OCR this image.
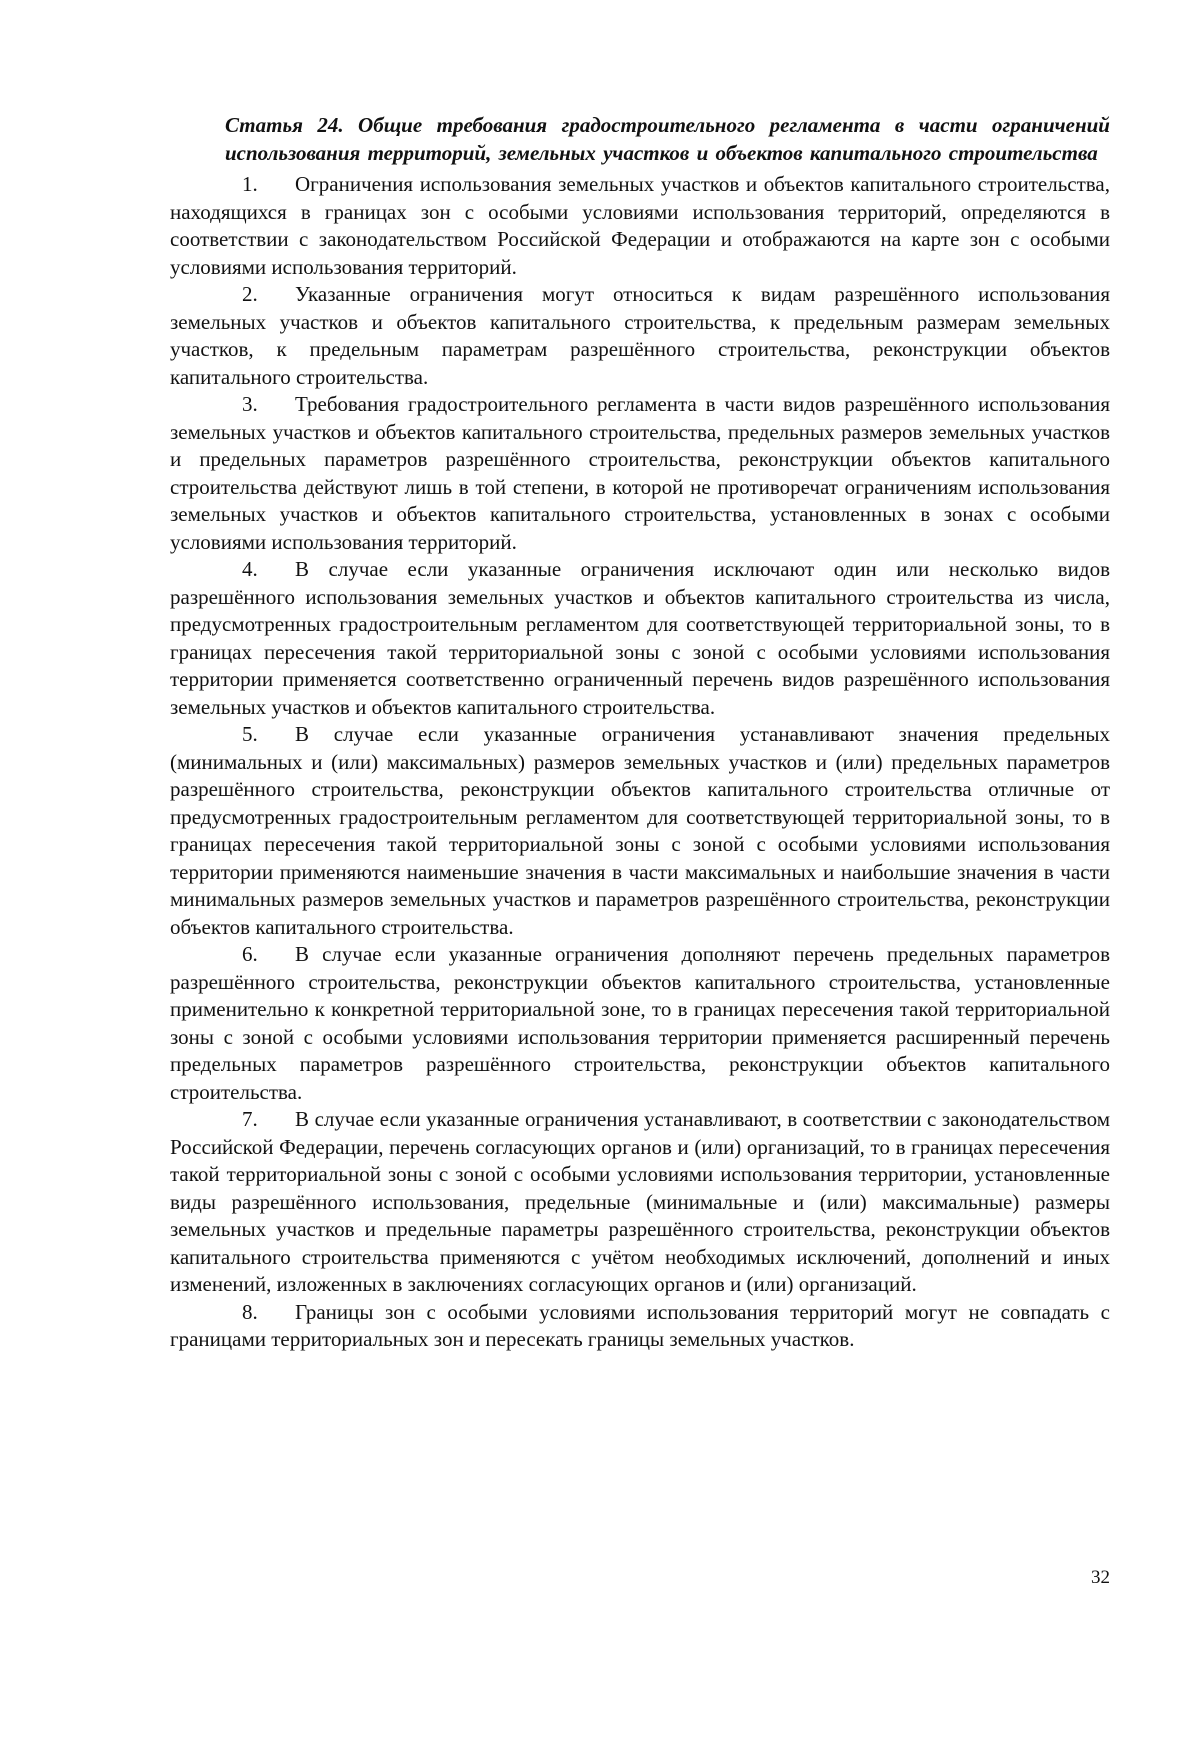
Статья 24. Общие требования градостроительного регламента в части ограничений использования территорий, земельных участков и объектов капитального строительства

1. Ограничения использования земельных участков и объектов капитального строительства, находящихся в границах зон с особыми условиями использования территорий, определяются в соответствии с законодательством Российской Федерации и отображаются на карте зон с особыми условиями использования территорий.

2. Указанные ограничения могут относиться к видам разрешённого использования земельных участков и объектов капитального строительства, к предельным размерам земельных участков, к предельным параметрам разрешённого строительства, реконструкции объектов капитального строительства.

3. Требования градостроительного регламента в части видов разрешённого использования земельных участков и объектов капитального строительства, предельных размеров земельных участков и предельных параметров разрешённого строительства, реконструкции объектов капитального строительства действуют лишь в той степени, в которой не противоречат ограничениям использования земельных участков и объектов капитального строительства, установленных в зонах с особыми условиями использования территорий.

4. В случае если указанные ограничения исключают один или несколько видов разрешённого использования земельных участков и объектов капитального строительства из числа, предусмотренных градостроительным регламентом для соответствующей территориальной зоны, то в границах пересечения такой территориальной зоны с зоной с особыми условиями использования территории применяется соответственно ограниченный перечень видов разрешённого использования земельных участков и объектов капитального строительства.

5. В случае если указанные ограничения устанавливают значения предельных (минимальных и (или) максимальных) размеров земельных участков и (или) предельных параметров разрешённого строительства, реконструкции объектов капитального строительства отличные от предусмотренных градостроительным регламентом для соответствующей территориальной зоны, то в границах пересечения такой территориальной зоны с зоной с особыми условиями использования территории применяются наименьшие значения в части максимальных и наибольшие значения в части минимальных размеров земельных участков и параметров разрешённого строительства, реконструкции объектов капитального строительства.

6. В случае если указанные ограничения дополняют перечень предельных параметров разрешённого строительства, реконструкции объектов капитального строительства, установленные применительно к конкретной территориальной зоне, то в границах пересечения такой территориальной зоны с зоной с особыми условиями использования территории применяется расширенный перечень предельных параметров разрешённого строительства, реконструкции объектов капитального строительства.

7. В случае если указанные ограничения устанавливают, в соответствии с законодательством Российской Федерации, перечень согласующих органов и (или) организаций, то в границах пересечения такой территориальной зоны с зоной с особыми условиями использования территории, установленные виды разрешённого использования, предельные (минимальные и (или) максимальные) размеры земельных участков и предельные параметры разрешённого строительства, реконструкции объектов капитального строительства применяются с учётом необходимых исключений, дополнений и иных изменений, изложенных в заключениях согласующих органов и (или) организаций.

8. Границы зон с особыми условиями использования территорий могут не совпадать с границами территориальных зон и пересекать границы земельных участков.

32
